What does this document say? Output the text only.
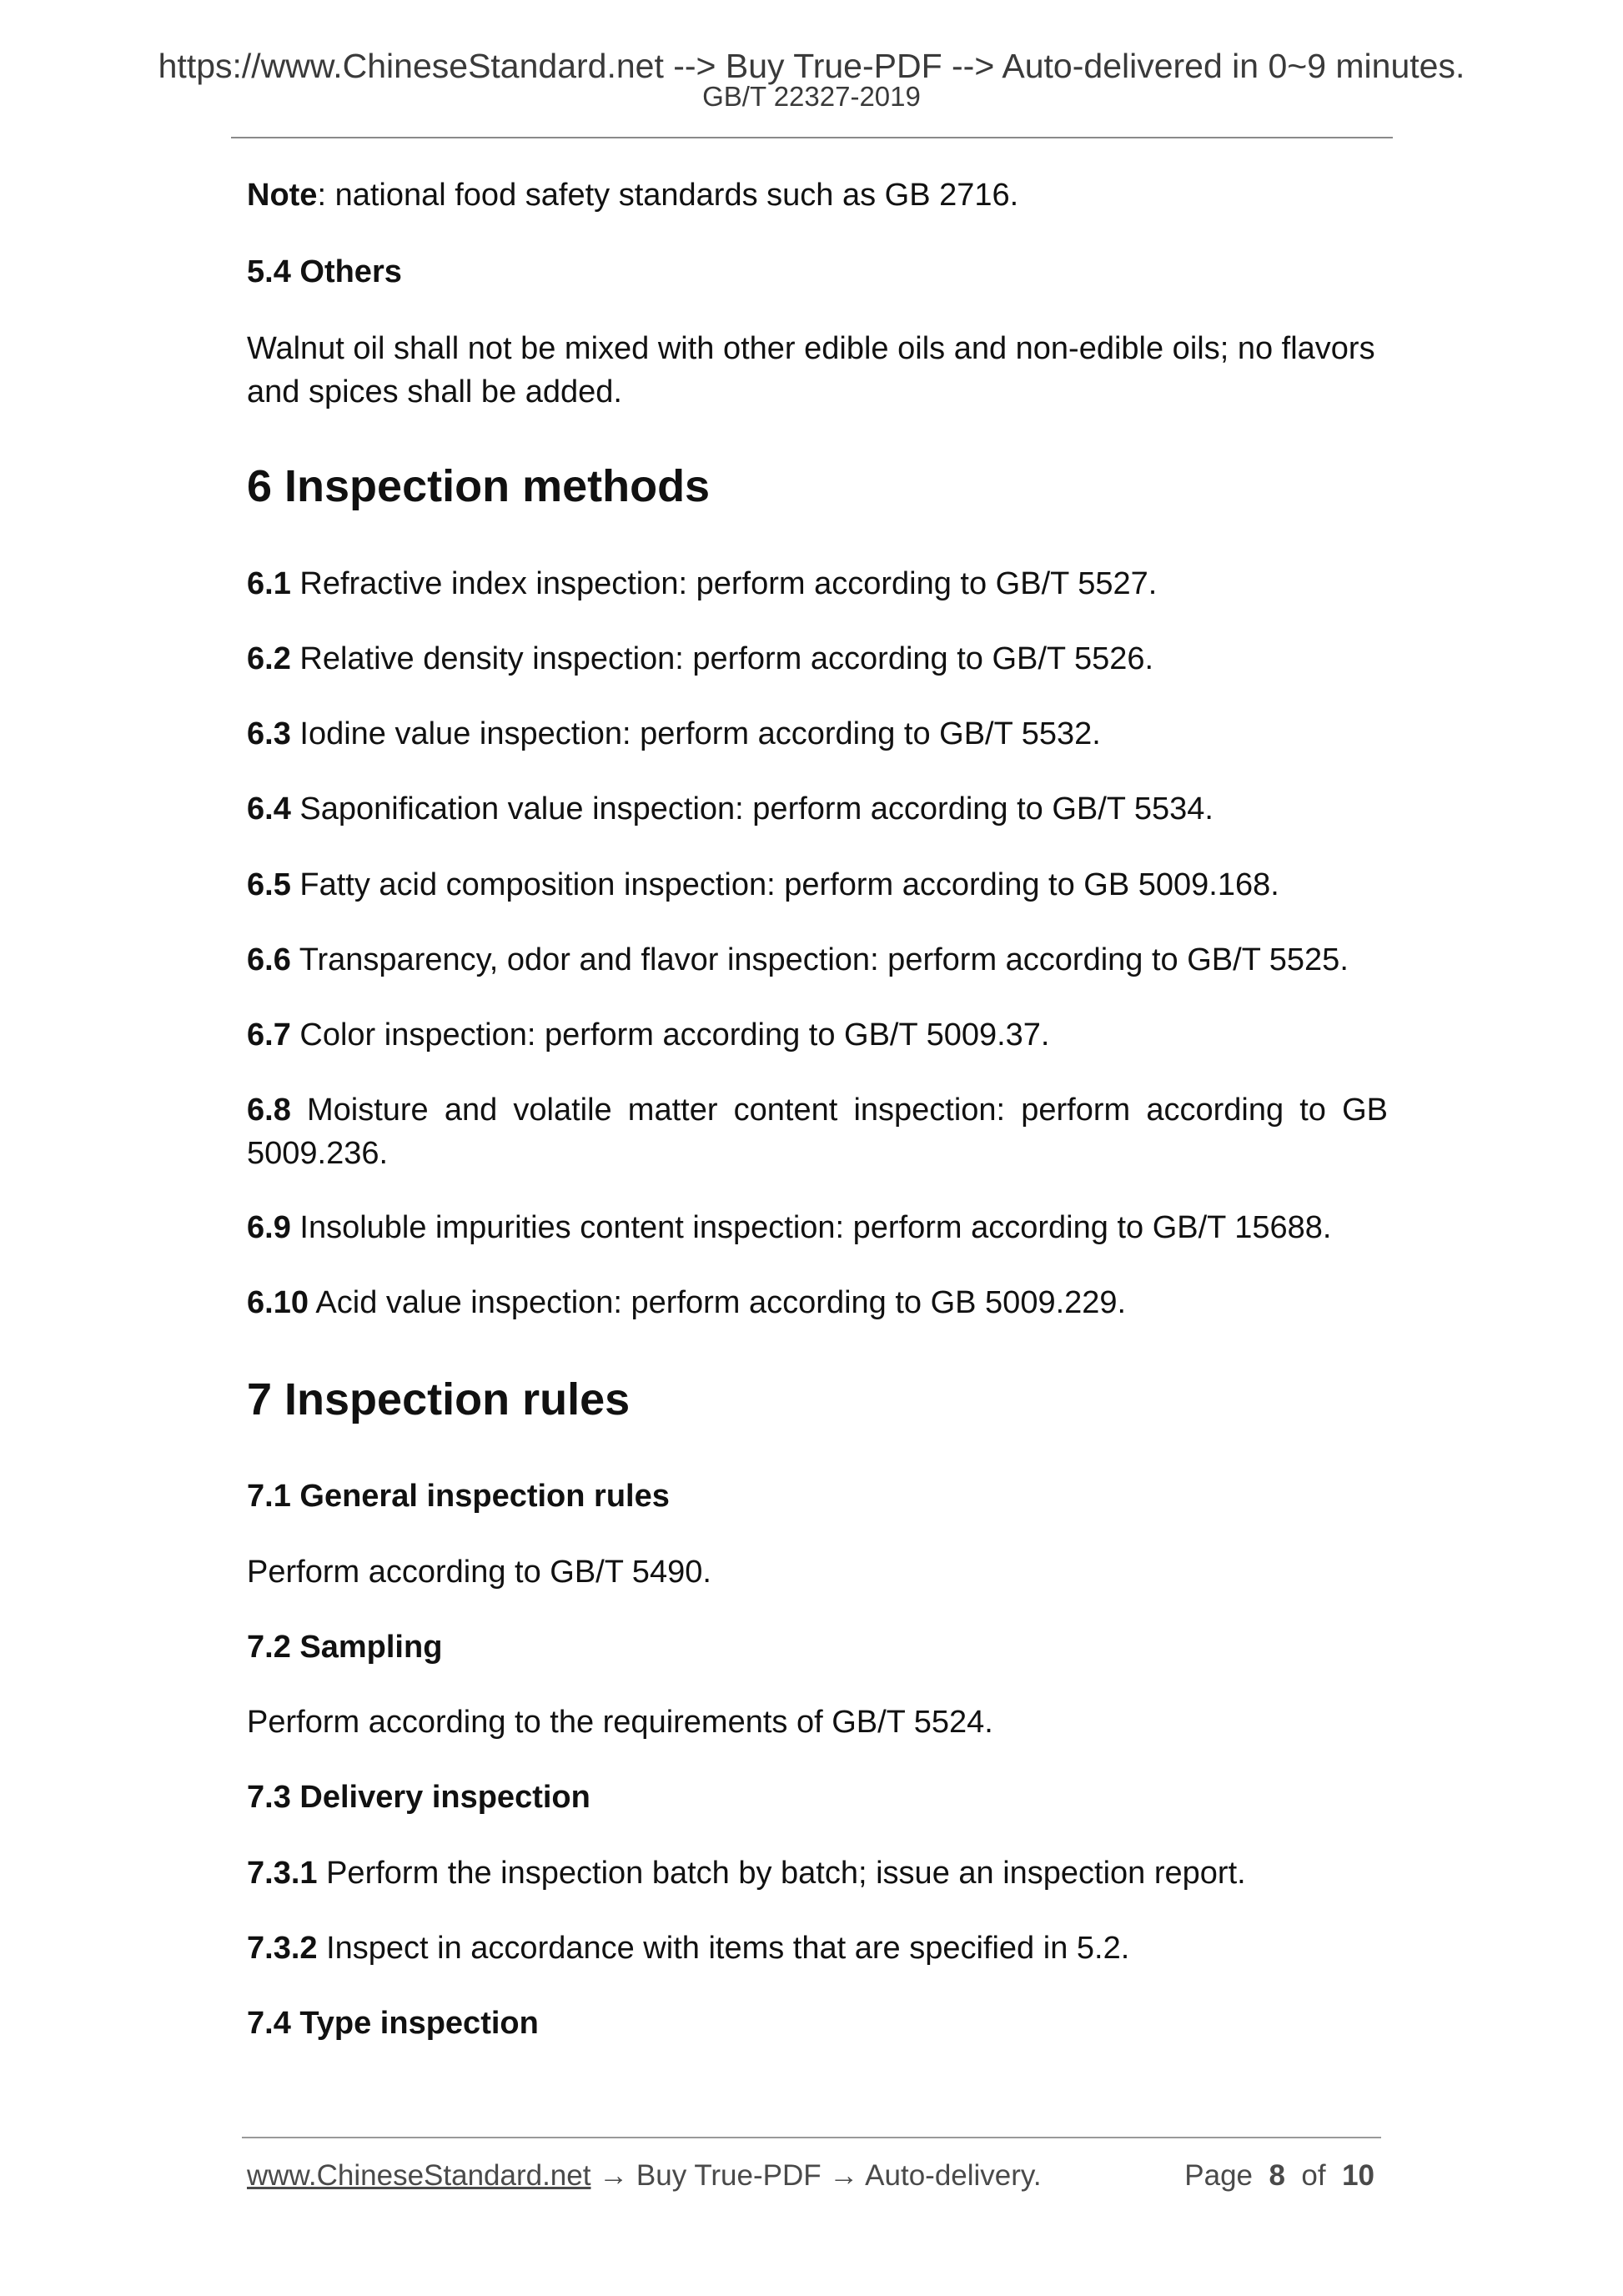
https://www.ChineseStandard.net --> Buy True-PDF --> Auto-delivered in 0~9 minutes.
GB/T 22327-2019

Note: national food safety standards such as GB 2716.

5.4 Others

Walnut oil shall not be mixed with other edible oils and non-edible oils; no flavors and spices shall be added.

6 Inspection methods

6.1 Refractive index inspection: perform according to GB/T 5527.

6.2 Relative density inspection: perform according to GB/T 5526.

6.3 Iodine value inspection: perform according to GB/T 5532.

6.4 Saponification value inspection: perform according to GB/T 5534.

6.5 Fatty acid composition inspection: perform according to GB 5009.168.

6.6 Transparency, odor and flavor inspection: perform according to GB/T 5525.

6.7 Color inspection: perform according to GB/T 5009.37.

6.8 Moisture and volatile matter content inspection: perform according to GB 5009.236.

6.9 Insoluble impurities content inspection: perform according to GB/T 15688.

6.10 Acid value inspection: perform according to GB 5009.229.

7 Inspection rules

7.1 General inspection rules

Perform according to GB/T 5490.

7.2 Sampling

Perform according to the requirements of GB/T 5524.

7.3 Delivery inspection

7.3.1 Perform the inspection batch by batch; issue an inspection report.

7.3.2 Inspect in accordance with items that are specified in 5.2.

7.4 Type inspection

www.ChineseStandard.net → Buy True-PDF → Auto-delivery.	Page 8 of 10
